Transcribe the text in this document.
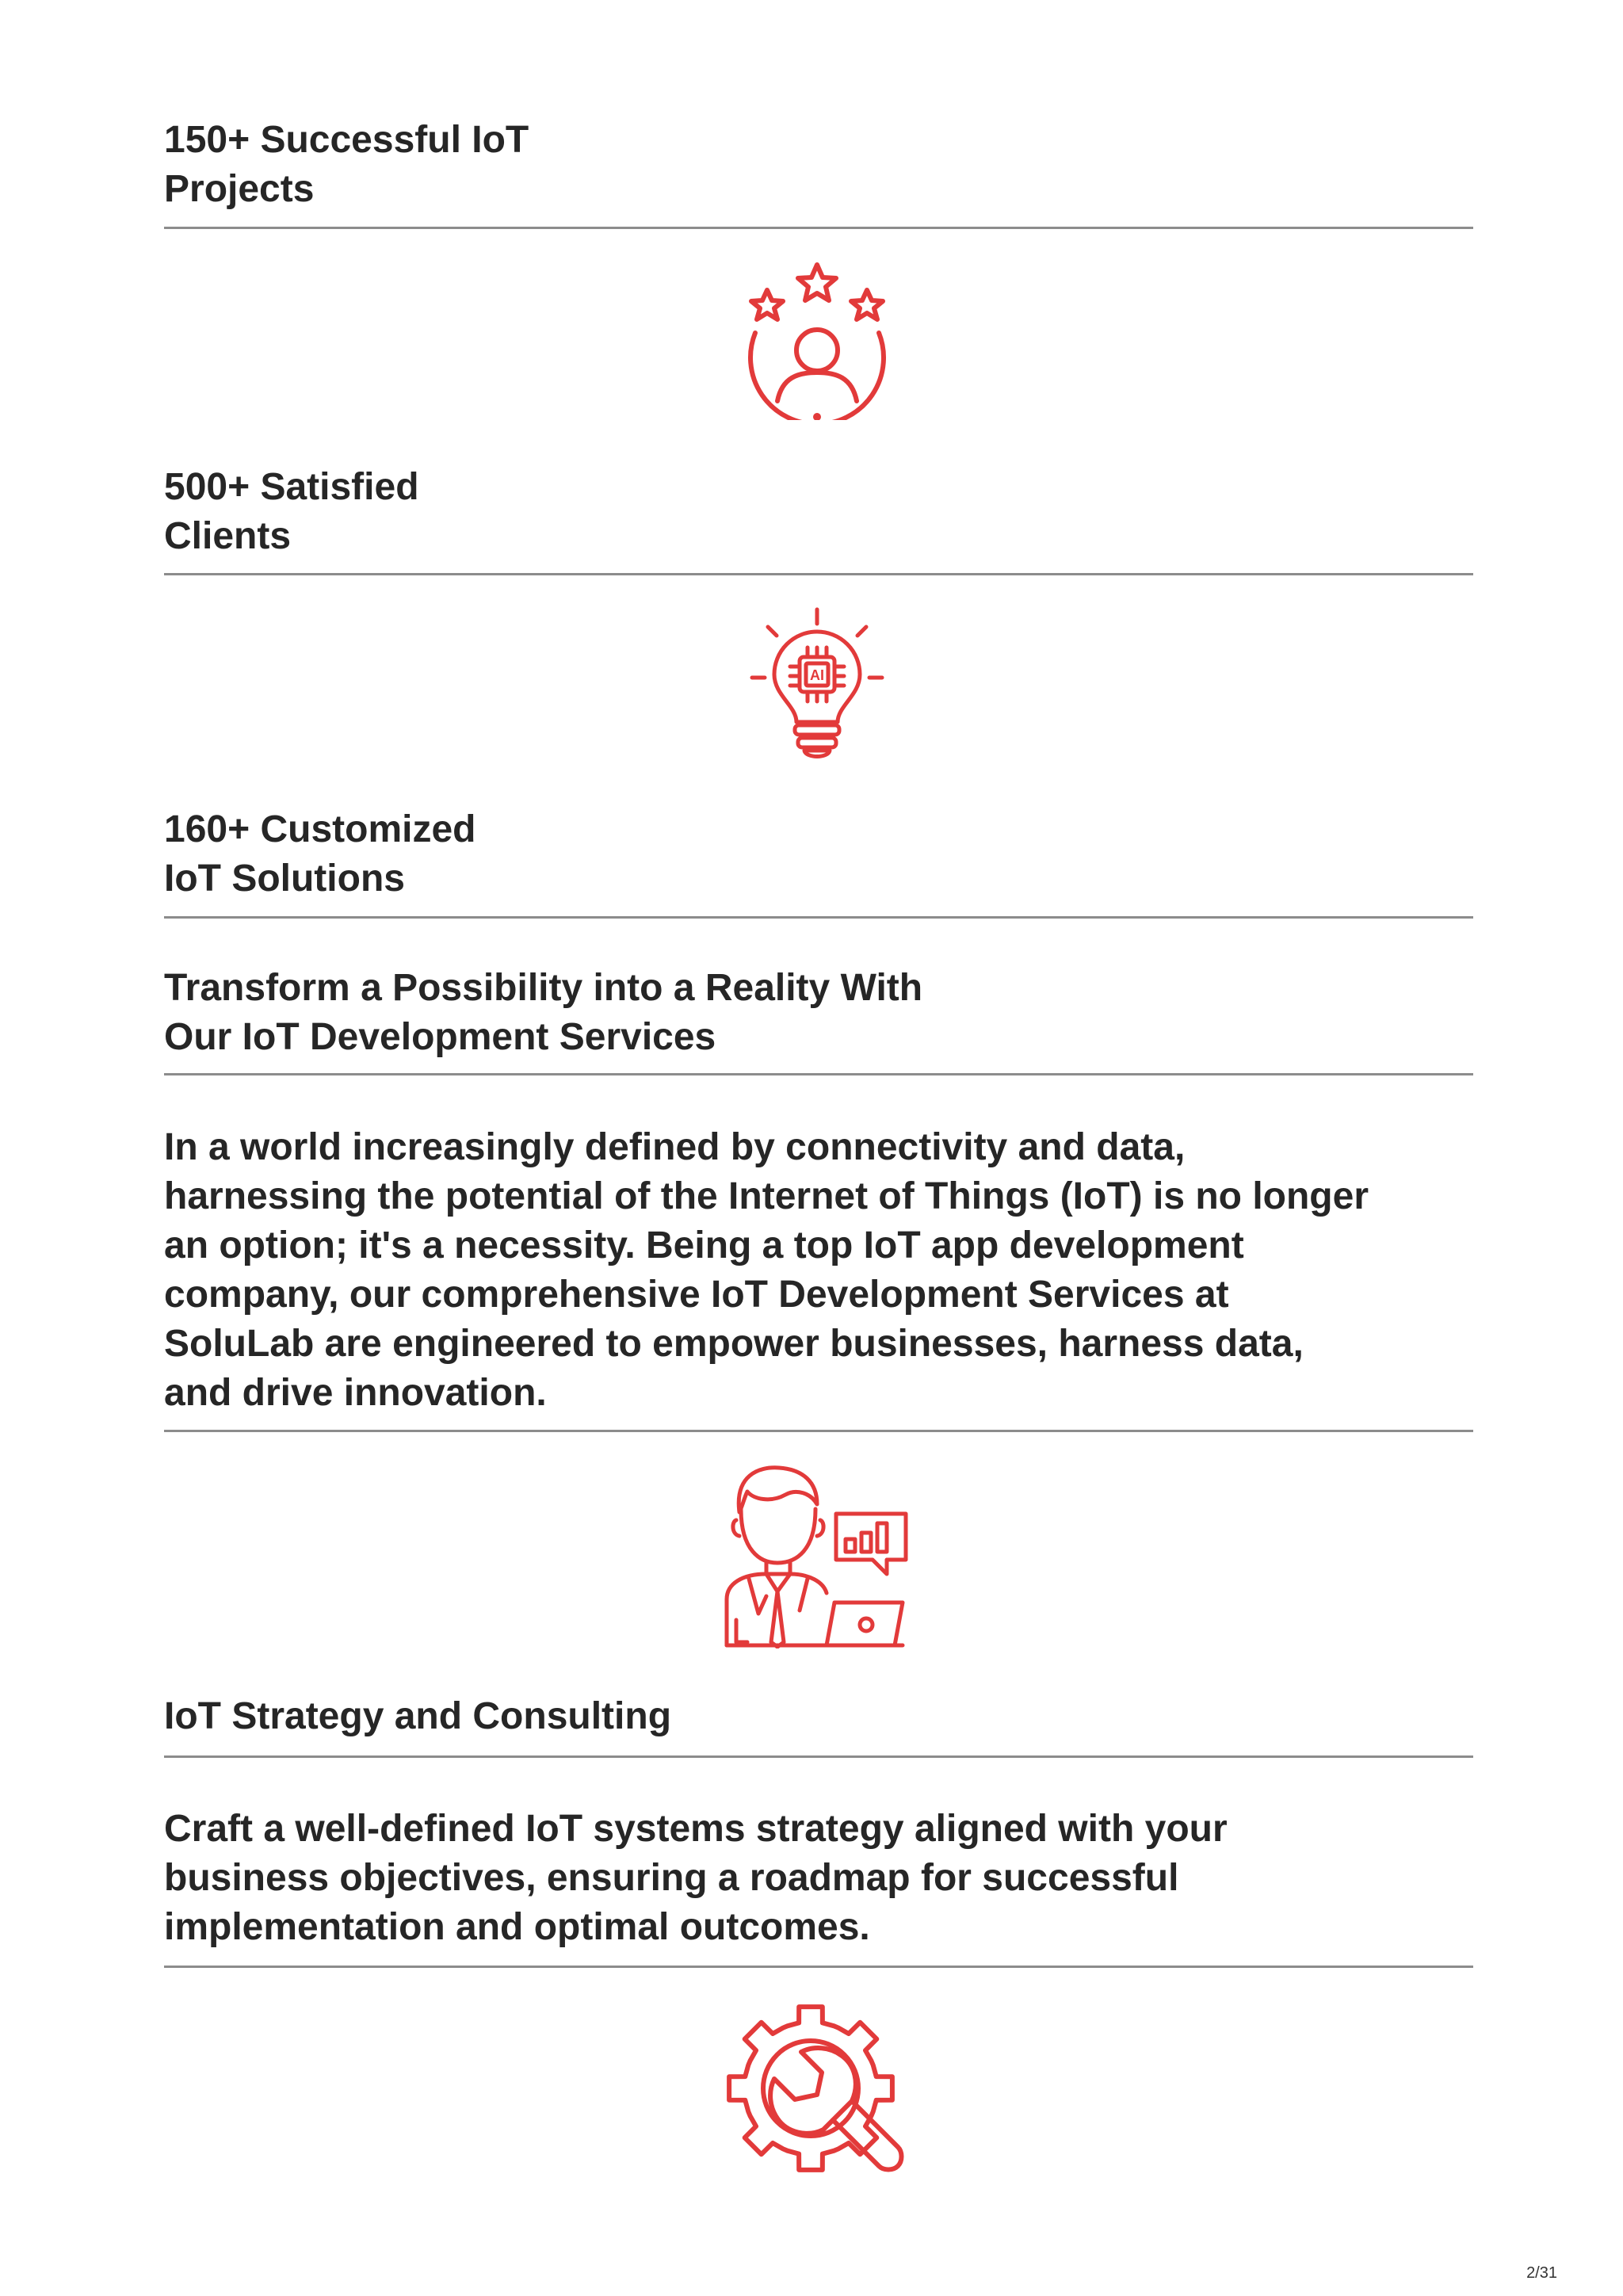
150+ Successful IoT
Projects
500+ Satisfied
Clients
AI
160+ Customized
IoT Solutions
Transform a Possibility into a Reality With
Our IoT Development Services
In a world increasingly defined by connectivity and data,
harnessing the potential of the Internet of Things (IoT) is no longer
an option; it's a necessity. Being a top IoT app development
company, our comprehensive IoT Development Services at
SoluLab are engineered to empower businesses, harness data,
and drive innovation.
IoT Strategy and Consulting
Craft a well-defined IoT systems strategy aligned with your
business objectives, ensuring a roadmap for successful
implementation and optimal outcomes.
2/31
